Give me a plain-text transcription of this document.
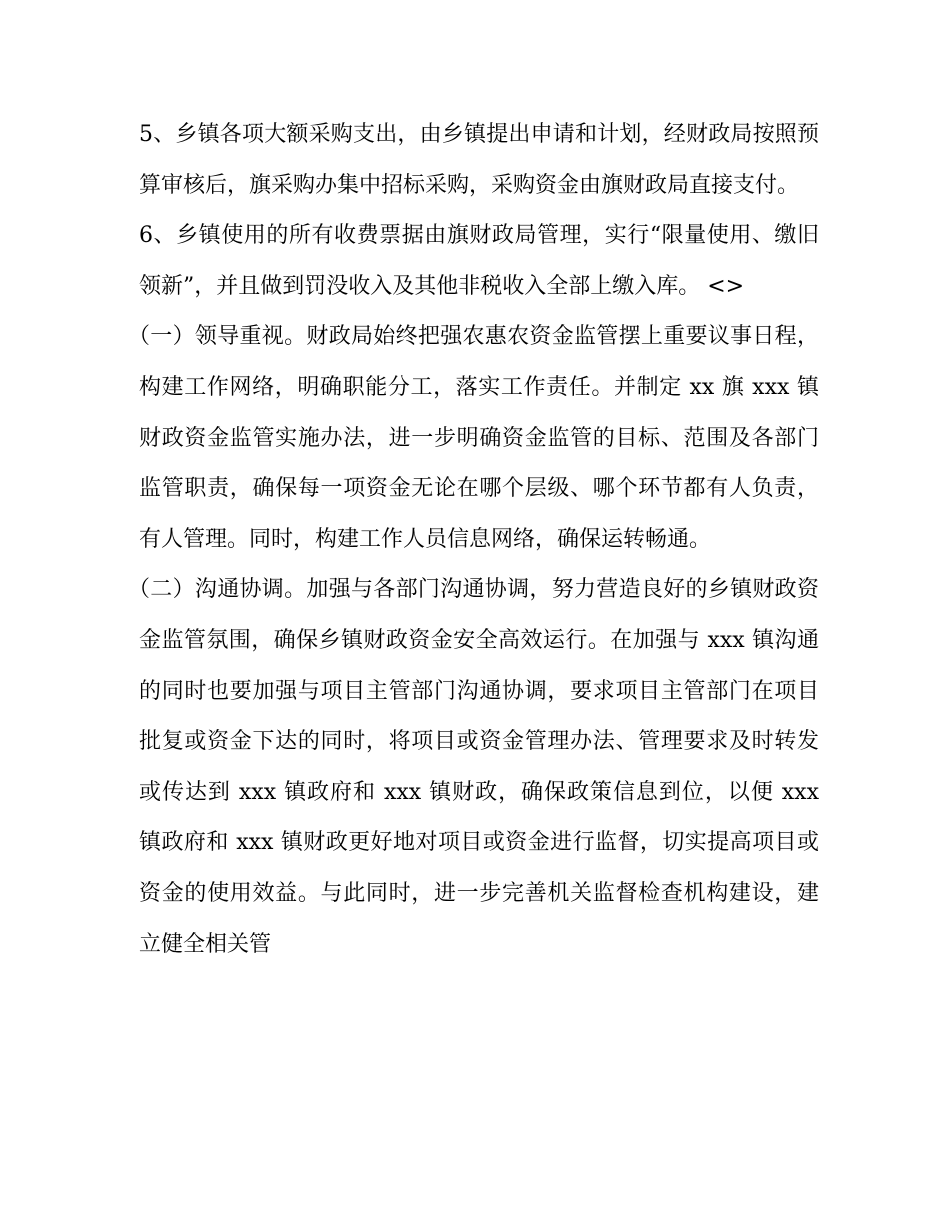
5、乡镇各项大额采购支出，由乡镇提出申请和计划，经财政局按照预算审核后，旗采购办集中招标采购，采购资金由旗财政局直接支付。

6、乡镇使用的所有收费票据由旗财政局管理，实行“限量使用、缴旧领新”，并且做到罚没收入及其他非税收入全部上缴入库。 <>

（一）领导重视。财政局始终把强农惠农资金监管摆上重要议事日程，构建工作网络，明确职能分工，落实工作责任。并制定 xx 旗 xxx 镇财政资金监管实施办法，进一步明确资金监管的目标、范围及各部门监管职责，确保每一项资金无论在哪个层级、哪个环节都有人负责，有人管理。同时，构建工作人员信息网络，确保运转畅通。

（二）沟通协调。加强与各部门沟通协调，努力营造良好的乡镇财政资金监管氛围，确保乡镇财政资金安全高效运行。在加强与 xxx 镇沟通的同时也要加强与项目主管部门沟通协调，要求项目主管部门在项目批复或资金下达的同时，将项目或资金管理办法、管理要求及时转发或传达到 xxx 镇政府和 xxx 镇财政，确保政策信息到位，以便 xxx 镇政府和 xxx 镇财政更好地对项目或资金进行监督，切实提高项目或资金的使用效益。与此同时，进一步完善机关监督检查机构建设，建立健全相关管
